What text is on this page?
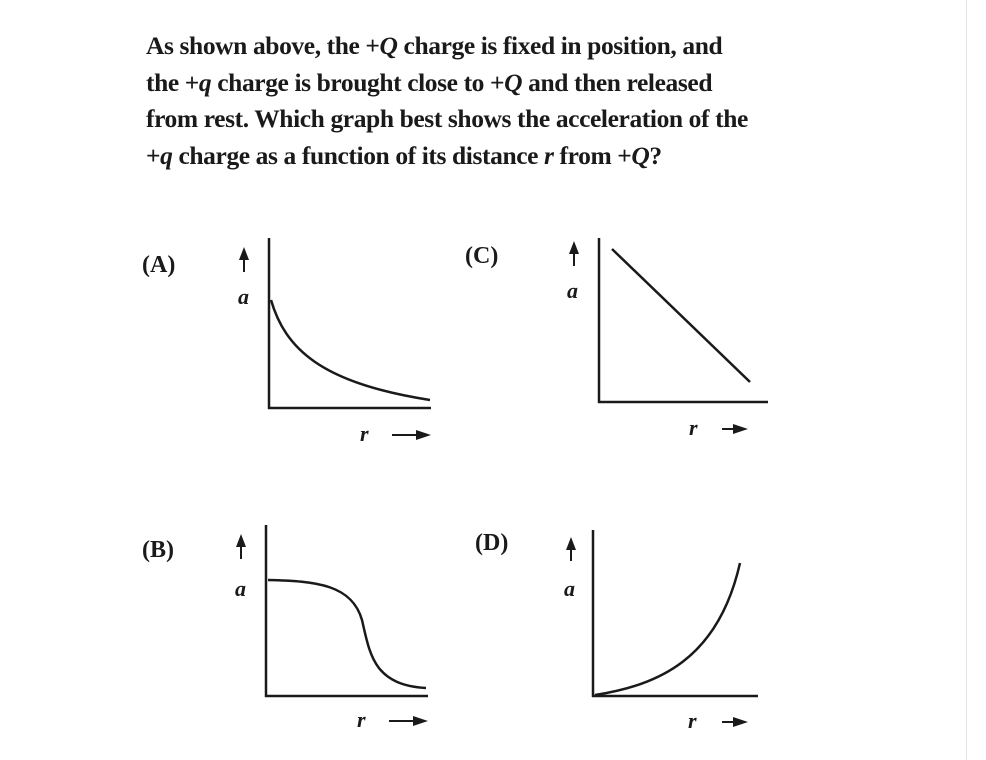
As shown above, the +Q charge is fixed in position, and
the +q charge is brought close to +Q and then released
from rest. Which graph best shows the acceleration of the
+q charge as a function of its distance r from +Q?
(A)
a
r
(B)
a
r
(C)
a
r
(D)
a
r
